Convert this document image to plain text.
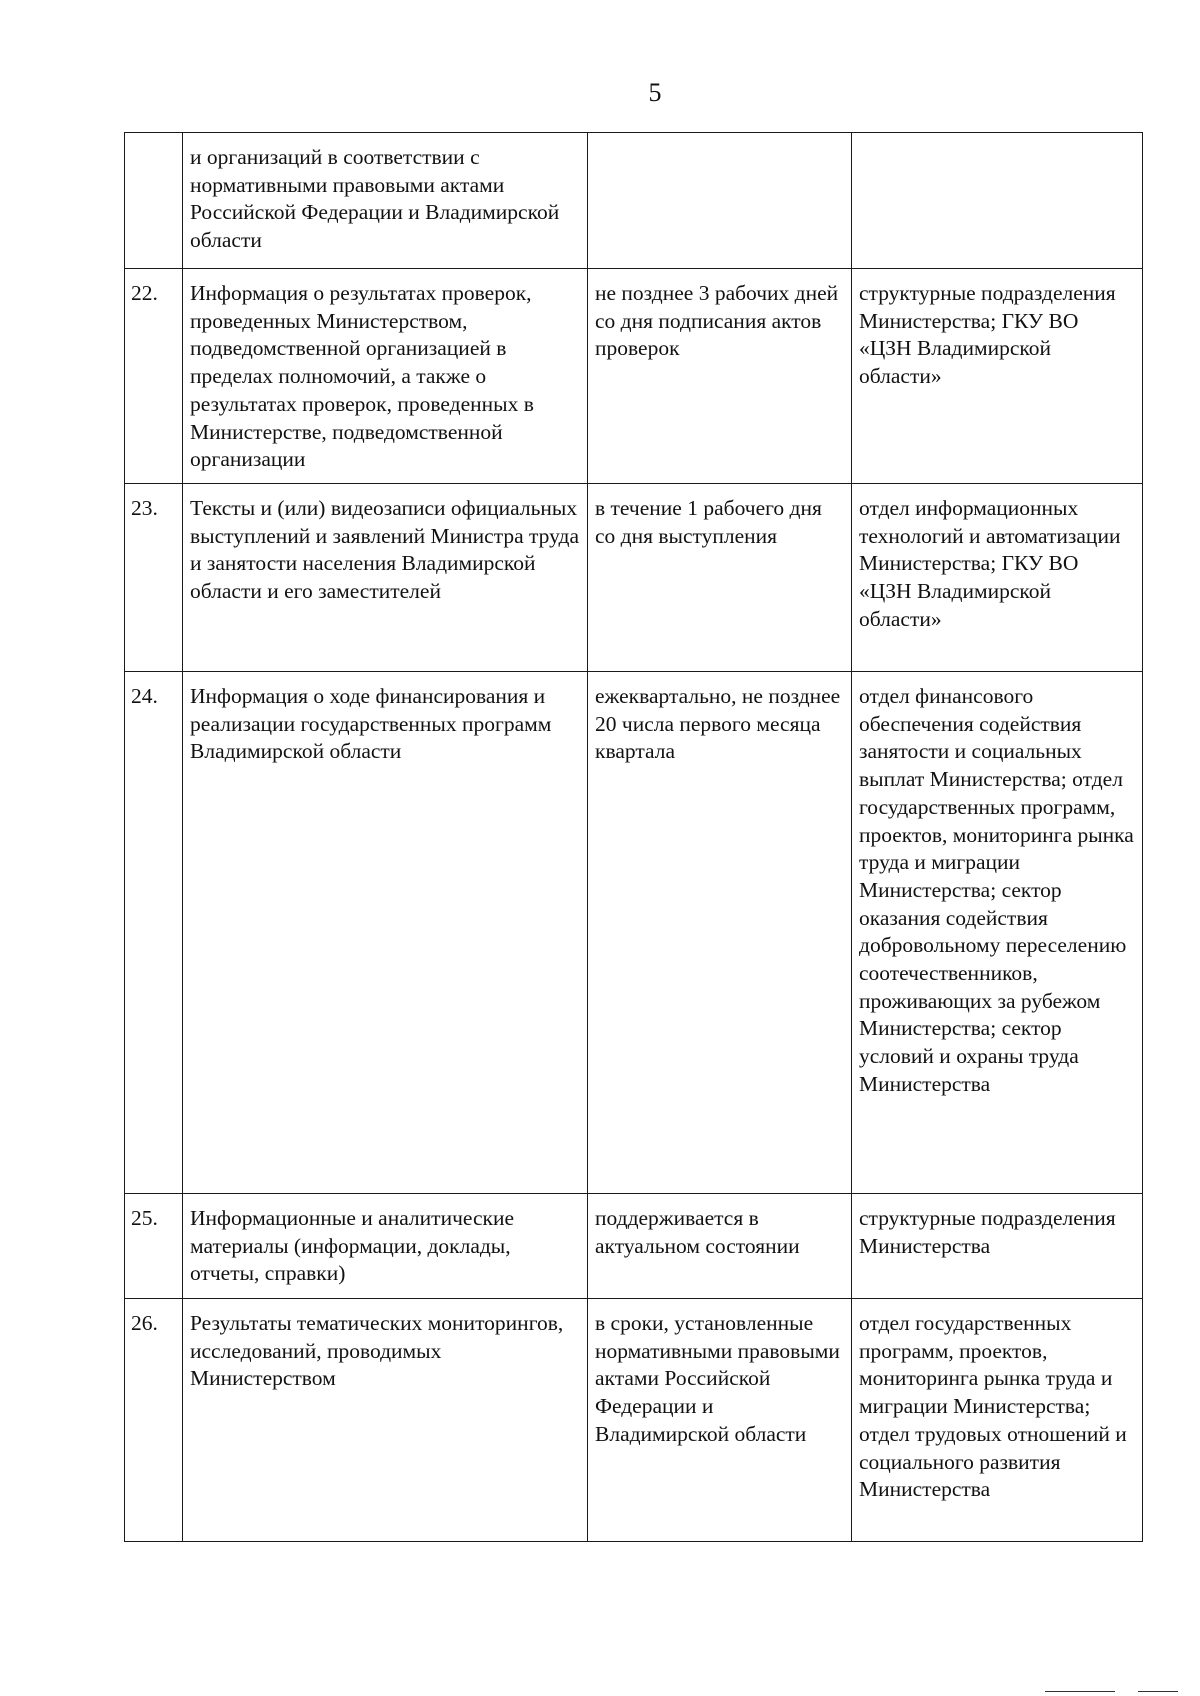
5
	и организаций в соответствии с нормативными правовыми актами Российской Федерации и Владимирской области		
22.	Информация о результатах проверок, проведенных Министерством, подведомственной организацией в пределах полномочий, а также о результатах проверок, проведенных в Министерстве, подведомственной организации	не позднее 3 рабочих дней со дня подписания актов проверок	структурные подразделения Министерства; ГКУ ВО «ЦЗН Владимирской области»
23.	Тексты и (или) видеозаписи официальных выступлений и заявлений Министра труда и занятости населения Владимирской области и его заместителей	в течение 1 рабочего дня со дня выступления	отдел информационных технологий и автоматизации Министерства; ГКУ ВО «ЦЗН Владимирской области»
24.	Информация о ходе финансирования и реализации государственных программ Владимирской области	ежеквартально, не позднее 20 числа первого месяца квартала	отдел финансового обеспечения содействия занятости и социальных выплат Министерства; отдел государственных программ, проектов, мониторинга рынка труда и миграции Министерства; сектор оказания содействия добровольному переселению соотечественников, проживающих за рубежом Министерства; сектор условий и охраны труда Министерства
25.	Информационные и аналитические материалы (информации, доклады, отчеты, справки)	поддерживается в актуальном состоянии	структурные подразделения Министерства
26.	Результаты тематических мониторингов, исследований, проводимых Министерством	в сроки, установленные нормативными правовыми актами Российской Федерации и Владимирской области	отдел государственных программ, проектов, мониторинга рынка труда и миграции Министерства; отдел трудовых отношений и социального развития Министерства
